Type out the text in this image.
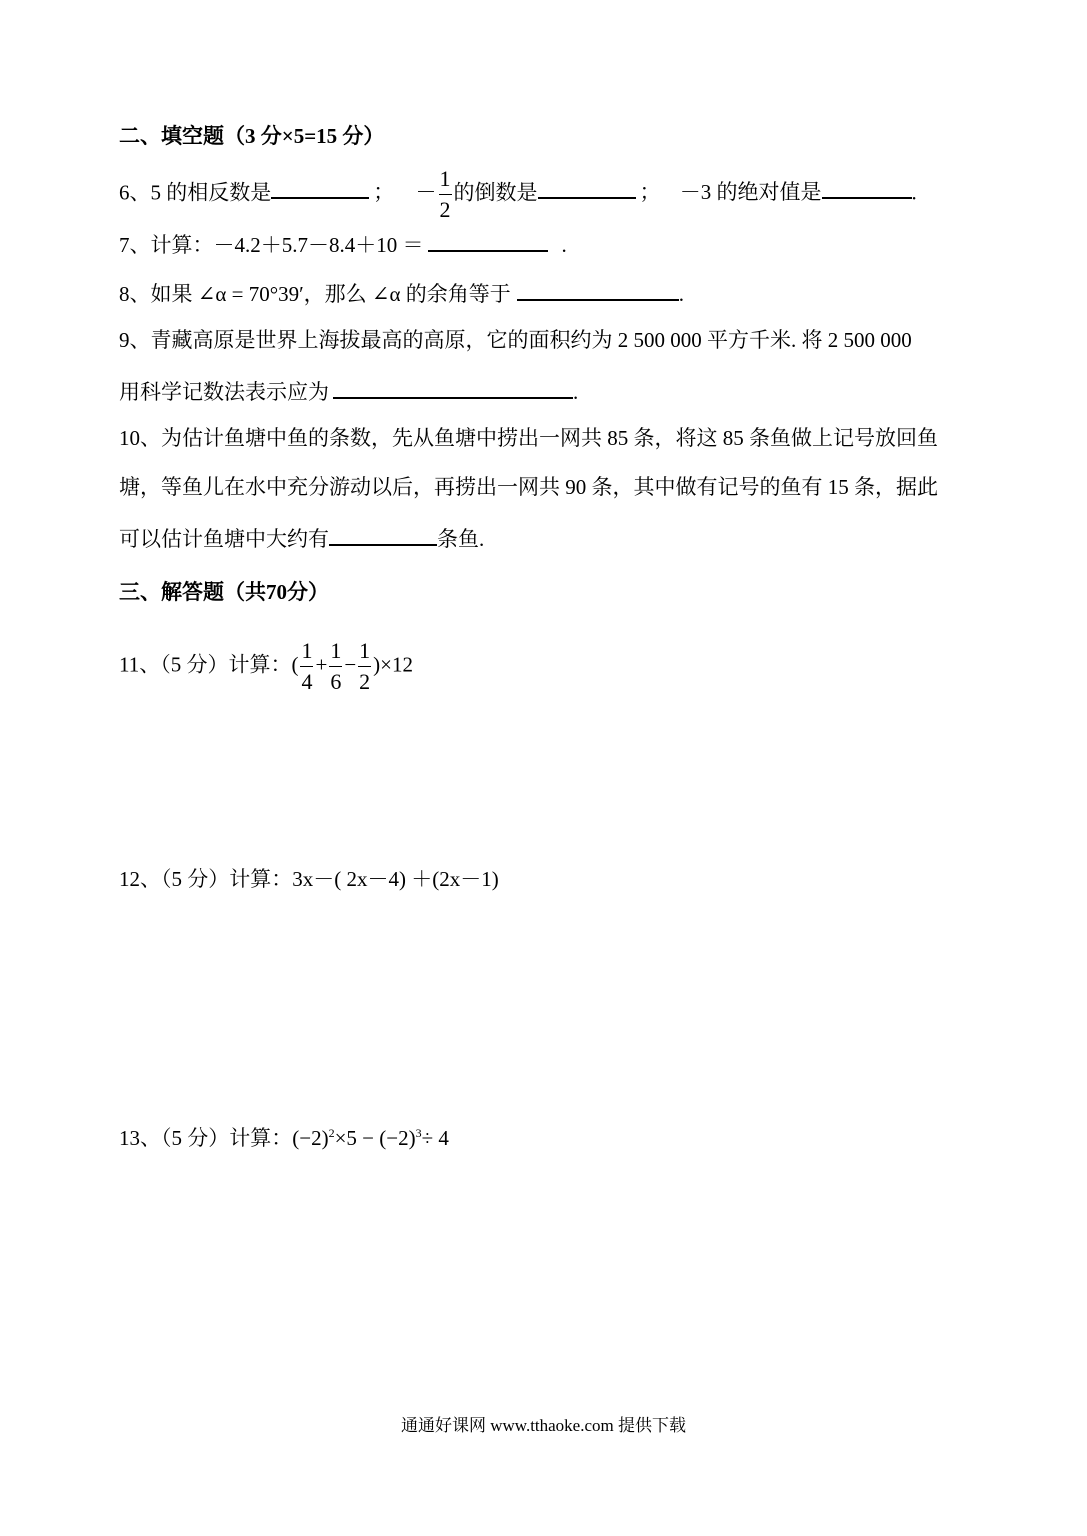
二、填空题（3 分×5=15 分）
6、5 的相反数是	； － $\frac{1}{2}$ 的倒数是	； －3 的绝对值是	.
7、计算：－4.2＋5.7－8.4＋10 ＝	.
8、如果 ∠α = 70°39′，那么 ∠α 的余角等于	.
9、青藏高原是世界上海拔最高的高原，它的面积约为 2 500 000 平方千米. 将 2 500 000
用科学记数法表示应为	.
10、为估计鱼塘中鱼的条数，先从鱼塘中捞出一网共 85 条，将这 85 条鱼做上记号放回鱼
塘，等鱼儿在水中充分游动以后，再捞出一网共 90 条，其中做有记号的鱼有 15 条，据此
可以估计鱼塘中大约有	条鱼.
三、解答题（共70分）
11、（5 分）计算：( $\frac{1}{4} + \frac{1}{6} - \frac{1}{2} )\times 12$
12、（5 分）计算：3x－( 2x－4) ＋(2x－1)
13、（5 分）计算：$(-2)^2\times 5 - (-2)^3\div 4$
通通好课网 www.tthaoke.com 提供下载
